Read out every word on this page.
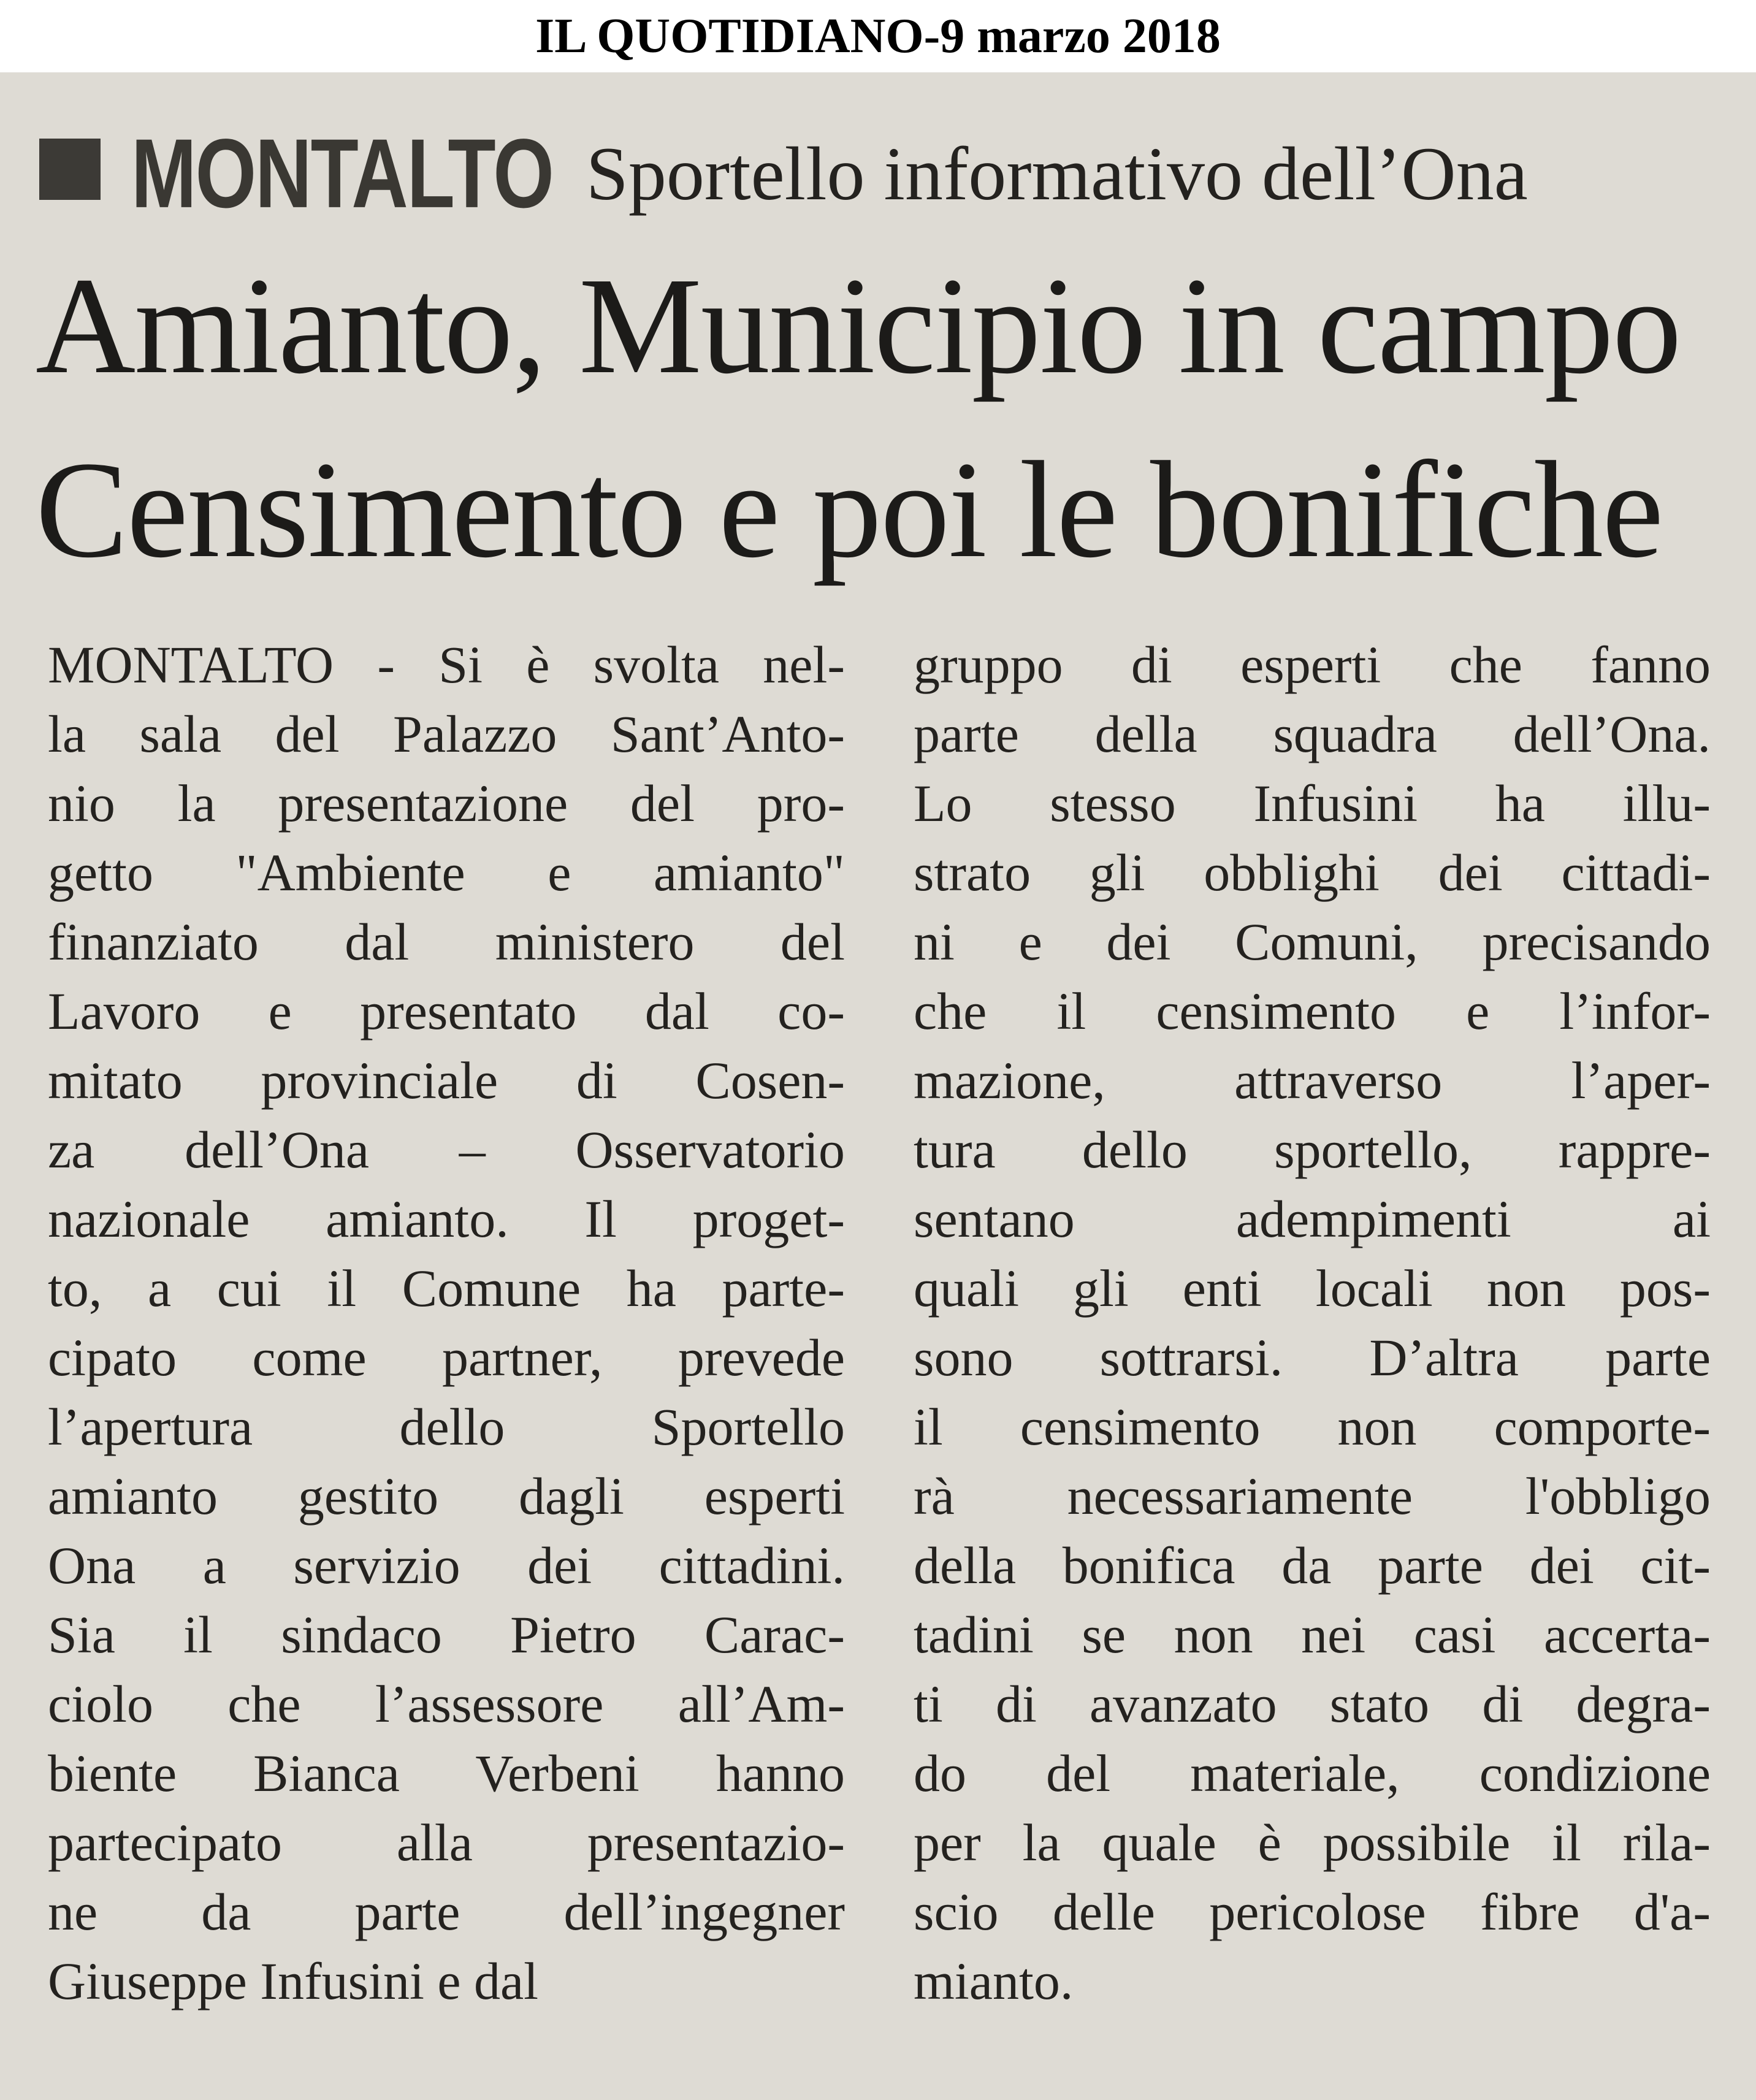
IL QUOTIDIANO-9 marzo 2018
MONTALTO Sportello informativo dell’Ona
Amianto, Municipio in campo
Censimento e poi le bonifiche
MONTALTO - Si è svolta nel-
la sala del Palazzo Sant’Anto-
nio la presentazione del pro-
getto "Ambiente e amianto"
finanziato dal ministero del
Lavoro e presentato dal co-
mitato provinciale di Cosen-
za dell’Ona – Osservatorio
nazionale amianto. Il proget-
to, a cui il Comune ha parte-
cipato come partner, prevede
l’apertura dello Sportello
amianto gestito dagli esperti
Ona a servizio dei cittadini.
Sia il sindaco Pietro Carac-
ciolo che l’assessore all’Am-
biente Bianca Verbeni hanno
partecipato alla presentazio-
ne da parte dell’ingegner
Giuseppe Infusini e dal
gruppo di esperti che fanno
parte della squadra dell’Ona.
Lo stesso Infusini ha illu-
strato gli obblighi dei cittadi-
ni e dei Comuni, precisando
che il censimento e l’infor-
mazione, attraverso l’aper-
tura dello sportello, rappre-
sentano adempimenti ai
quali gli enti locali non pos-
sono sottrarsi. D’altra parte
il censimento non comporte-
rà necessariamente l'obbligo
della bonifica da parte dei cit-
tadini se non nei casi accerta-
ti di avanzato stato di degra-
do del materiale, condizione
per la quale è possibile il rila-
scio delle pericolose fibre d'a-
mianto.
